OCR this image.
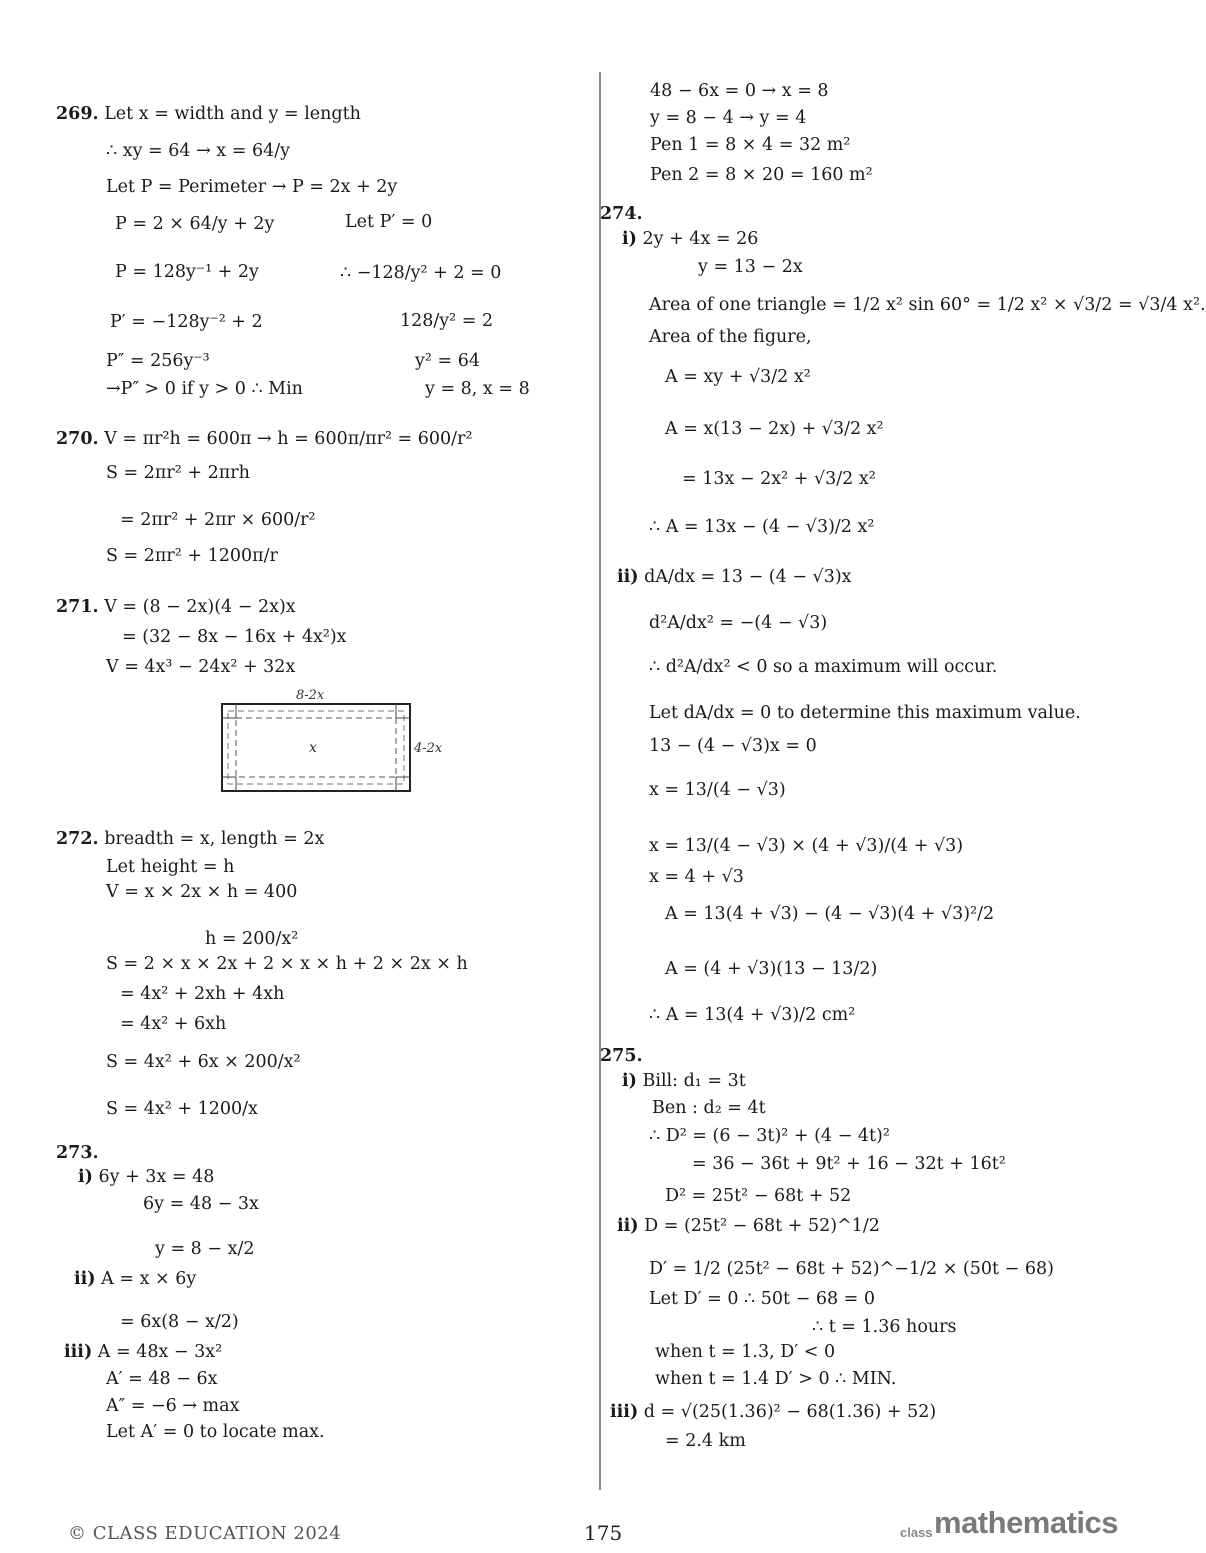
269. Let x = width and y = length
∴ xy = 64 → x = 64/y
Let P = Perimeter → P = 2x + 2y
P = 2 × 64/y + 2y	Let P′ = 0
P = 128y⁻¹ + 2y	∴ −128/y² + 2 = 0
P′ = −128y⁻² + 2	128/y² = 2
P″ = 256y⁻³	y² = 64
→P″ > 0 if y > 0 ∴ Min	y = 8, x = 8
270. V = πr²h = 600π → h = 600π/πr² = 600/r²
S = 2πr² + 2πrh
= 2πr² + 2πr × 600/r²
S = 2πr² + 1200π/r
271. V = (8 − 2x)(4 − 2x)x
= (32 − 8x − 16x + 4x²)x
V = 4x³ − 24x² + 32x
272. breadth = x, length = 2x
Let height = h
V = x × 2x × h = 400
h = 200/x²
S = 2 × x × 2x + 2 × x × h + 2 × 2x × h
= 4x² + 2xh + 4xh
= 4x² + 6xh
S = 4x² + 6x × 200/x²
S = 4x² + 1200/x
273.
i) 6y + 3x = 48
6y = 48 − 3x
y = 8 − x/2
ii) A = x × 6y
= 6x(8 − x/2)
iii) A = 48x − 3x²
A′ = 48 − 6x
A″ = −6 → max
Let A′ = 0 to locate max.
48 − 6x = 0 → x = 8
y = 8 − 4 → y = 4
Pen 1 = 8 × 4 = 32 m²
Pen 2 = 8 × 20 = 160 m²
274.
i) 2y + 4x = 26
y = 13 − 2x
Area of one triangle = 1/2 x² sin 60° = 1/2 x² × √3/2 = √3/4 x².
Area of the figure,
A = xy + √3/2 x²
A = x(13 − 2x) + √3/2 x²
= 13x − 2x² + √3/2 x²
∴ A = 13x − (4 − √3)/2 x²
ii) dA/dx = 13 − (4 − √3)x
d²A/dx² = −(4 − √3)
∴ d²A/dx² < 0 so a maximum will occur.
Let dA/dx = 0 to determine this maximum value.
13 − (4 − √3)x = 0
x = 13/(4 − √3)
x = 13/(4 − √3) × (4 + √3)/(4 + √3)
x = 4 + √3
A = 13(4 + √3) − (4 − √3)(4 + √3)²/2
A = (4 + √3)(13 − 13/2)
∴ A = 13(4 + √3)/2 cm²
275.
i) Bill: d₁ = 3t
Ben : d₂ = 4t
∴ D² = (6 − 3t)² + (4 − 4t)²
= 36 − 36t + 9t² + 16 − 32t + 16t²
D² = 25t² − 68t + 52
ii) D = (25t² − 68t + 52)^1/2
D′ = 1/2 (25t² − 68t + 52)^−1/2 × (50t − 68)
Let D′ = 0 ∴ 50t − 68 = 0
∴ t = 1.36 hours
when t = 1.3, D′ < 0
when t = 1.4 D′ > 0 ∴ MIN.
iii) d = √(25(1.36)² − 68(1.36) + 52)
= 2.4 km
8-2x
x	4-2x
© CLASS EDUCATION 2024	175	class mathematics
